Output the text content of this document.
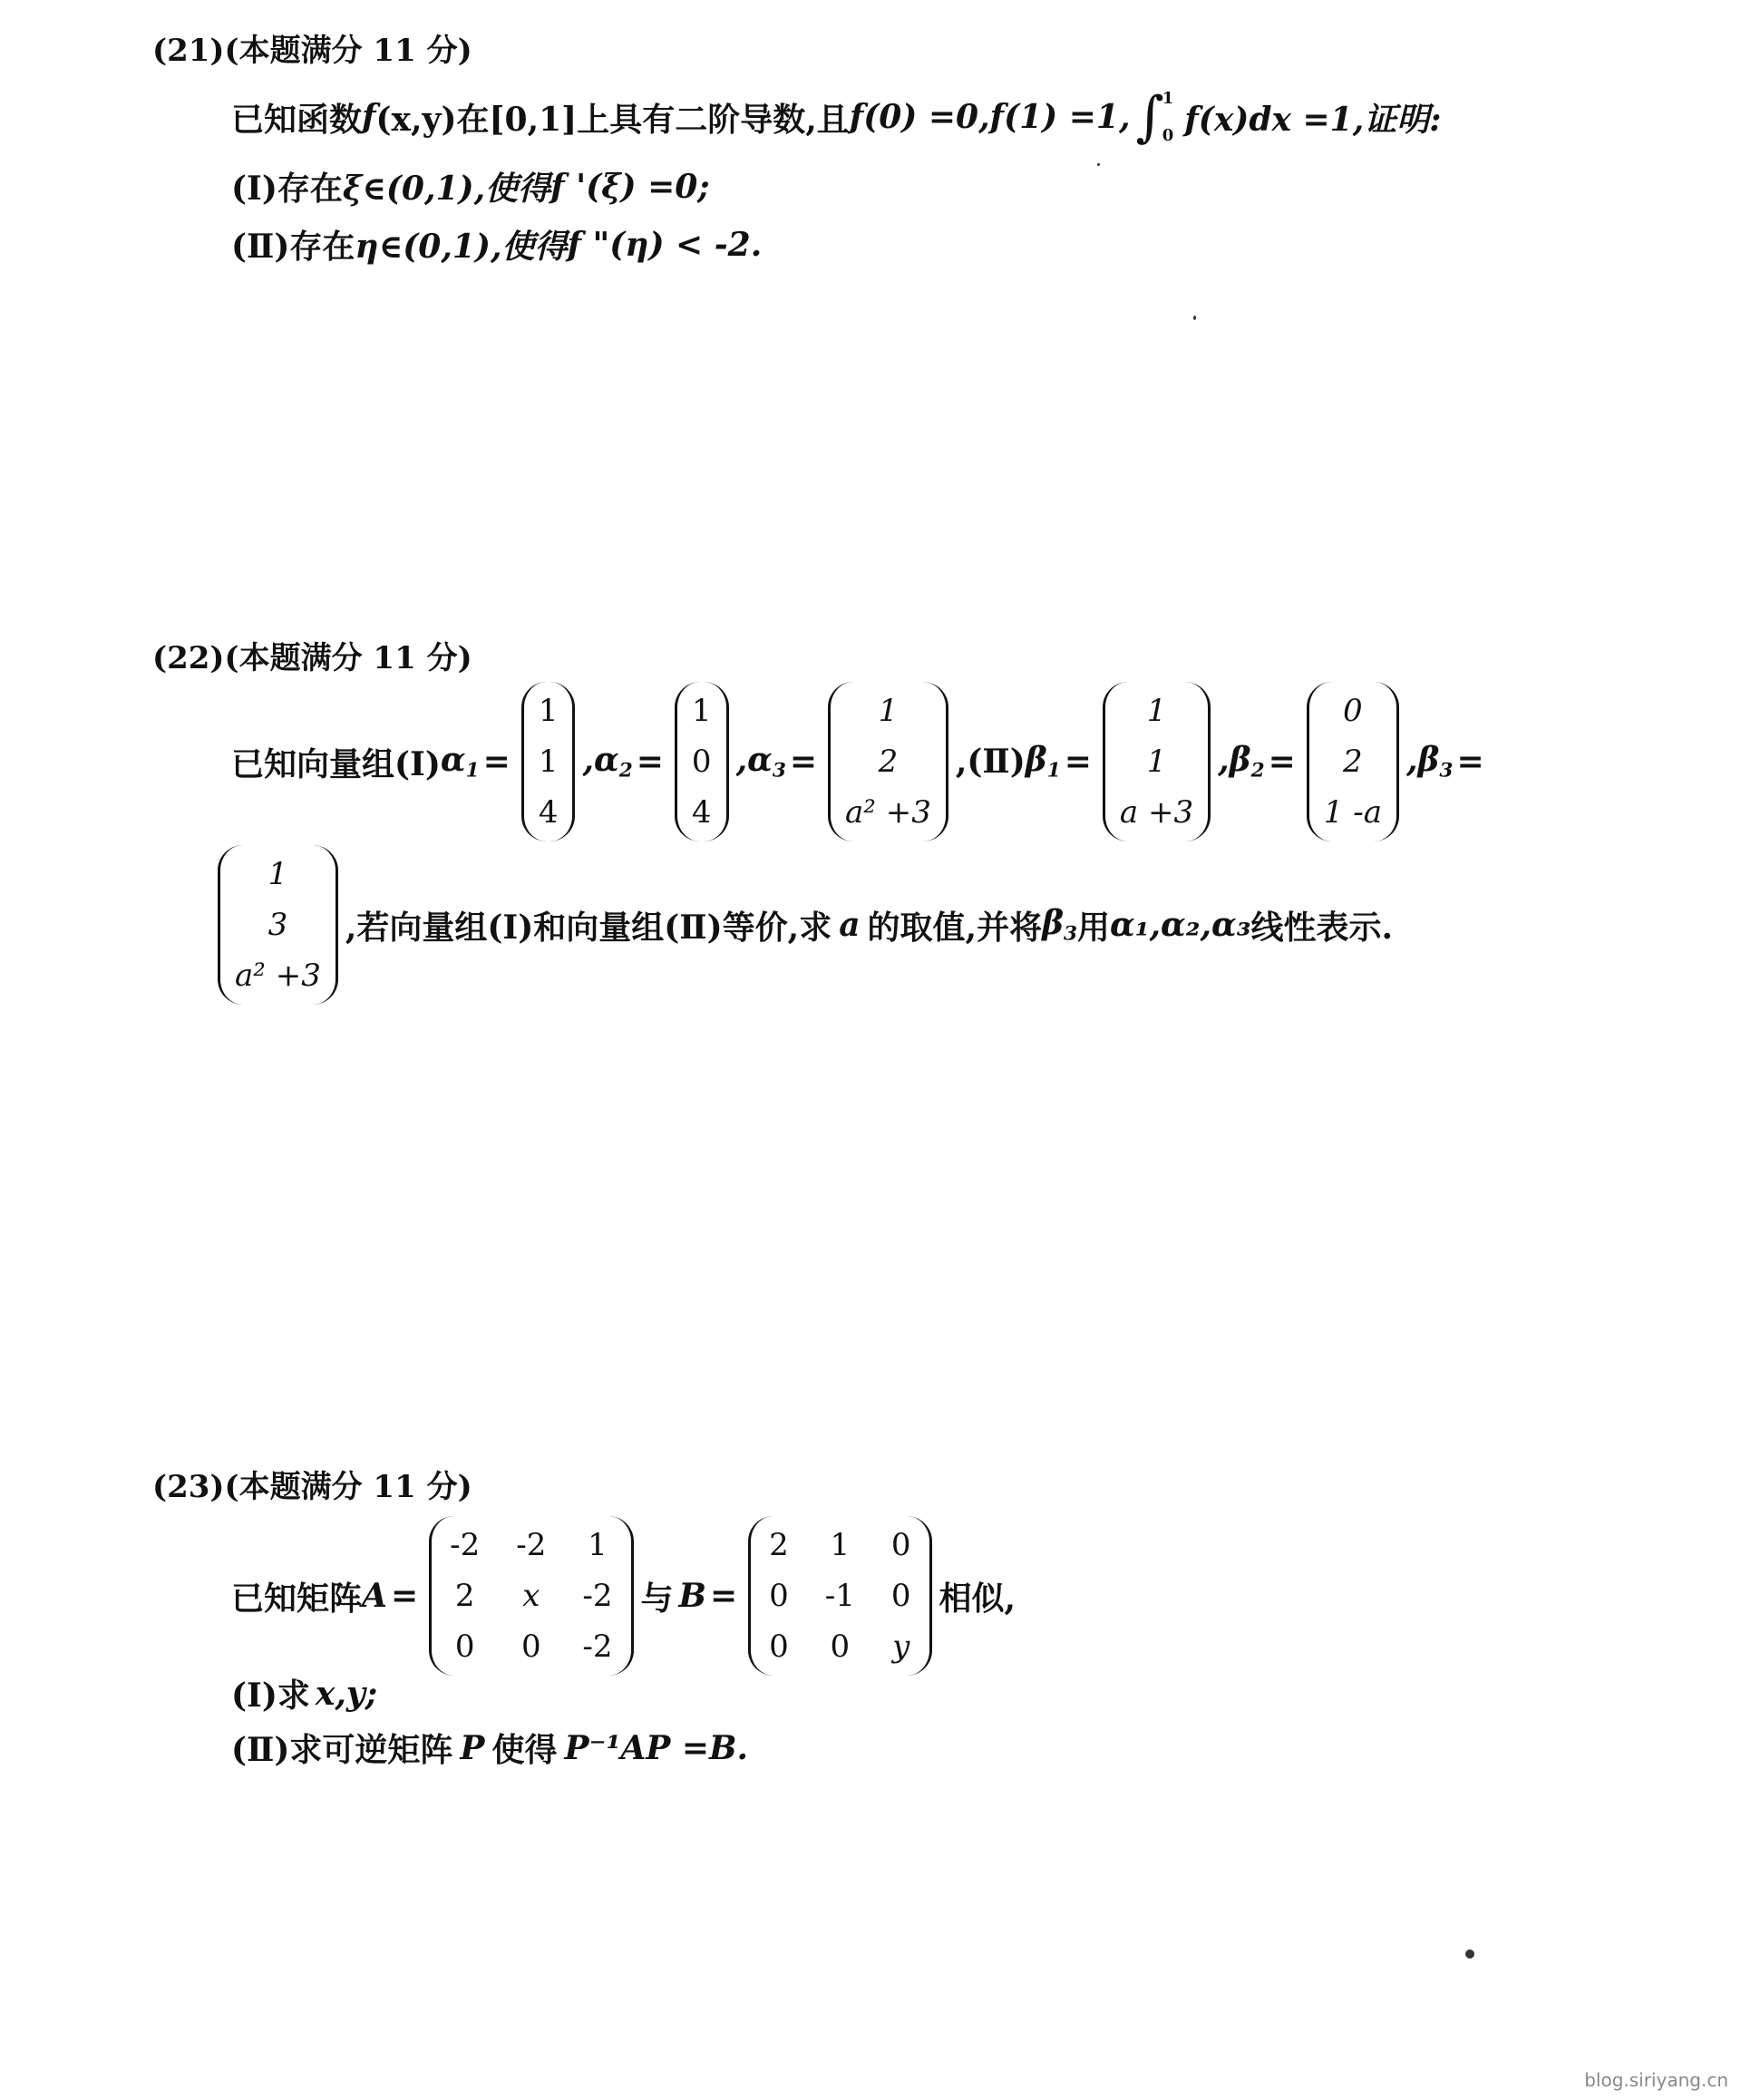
(21)(本题满分 11 分)
已知函数 f (x,y)在[0,1]上具有二阶导数,且 f(0) =0,f(1) =1, ∫
1
0 f(x)dx =1,证明:
(Ⅰ)存在 ξ∈(0,1),使得 f '(ξ) =0;
(Ⅱ)存在 η∈(0,1),使得 f "(η) < -2.
(22)(本题满分 11 分)
已知向量组(Ⅰ) $\alpha_1$ =
1
1
4
$,\alpha_2$ =
1
0
4
$,\alpha_3$ =
1
2
a² +3
,(Ⅱ) $\beta_1$ =
1
1
a +3
$,\beta_2$ =
0
2
1 -a
$,\beta_3$ =
1
3
a² +3
,若向量组(Ⅰ)和向量组(Ⅱ)等价,求 a 的取值,并将 $\beta_3$ 用 α₁,α₂,α₃ 线性表示.
(23)(本题满分 11 分)
已知矩阵 A =
-2
2
0
-2
x
0
1
-2
-2
与 B =
2
0
0
1
-1
0
0
0
y
相似,
(Ⅰ)求 x,y;
(Ⅱ)求可逆矩阵 P 使得 P⁻¹AP =B.
blog.siriyang.cn
